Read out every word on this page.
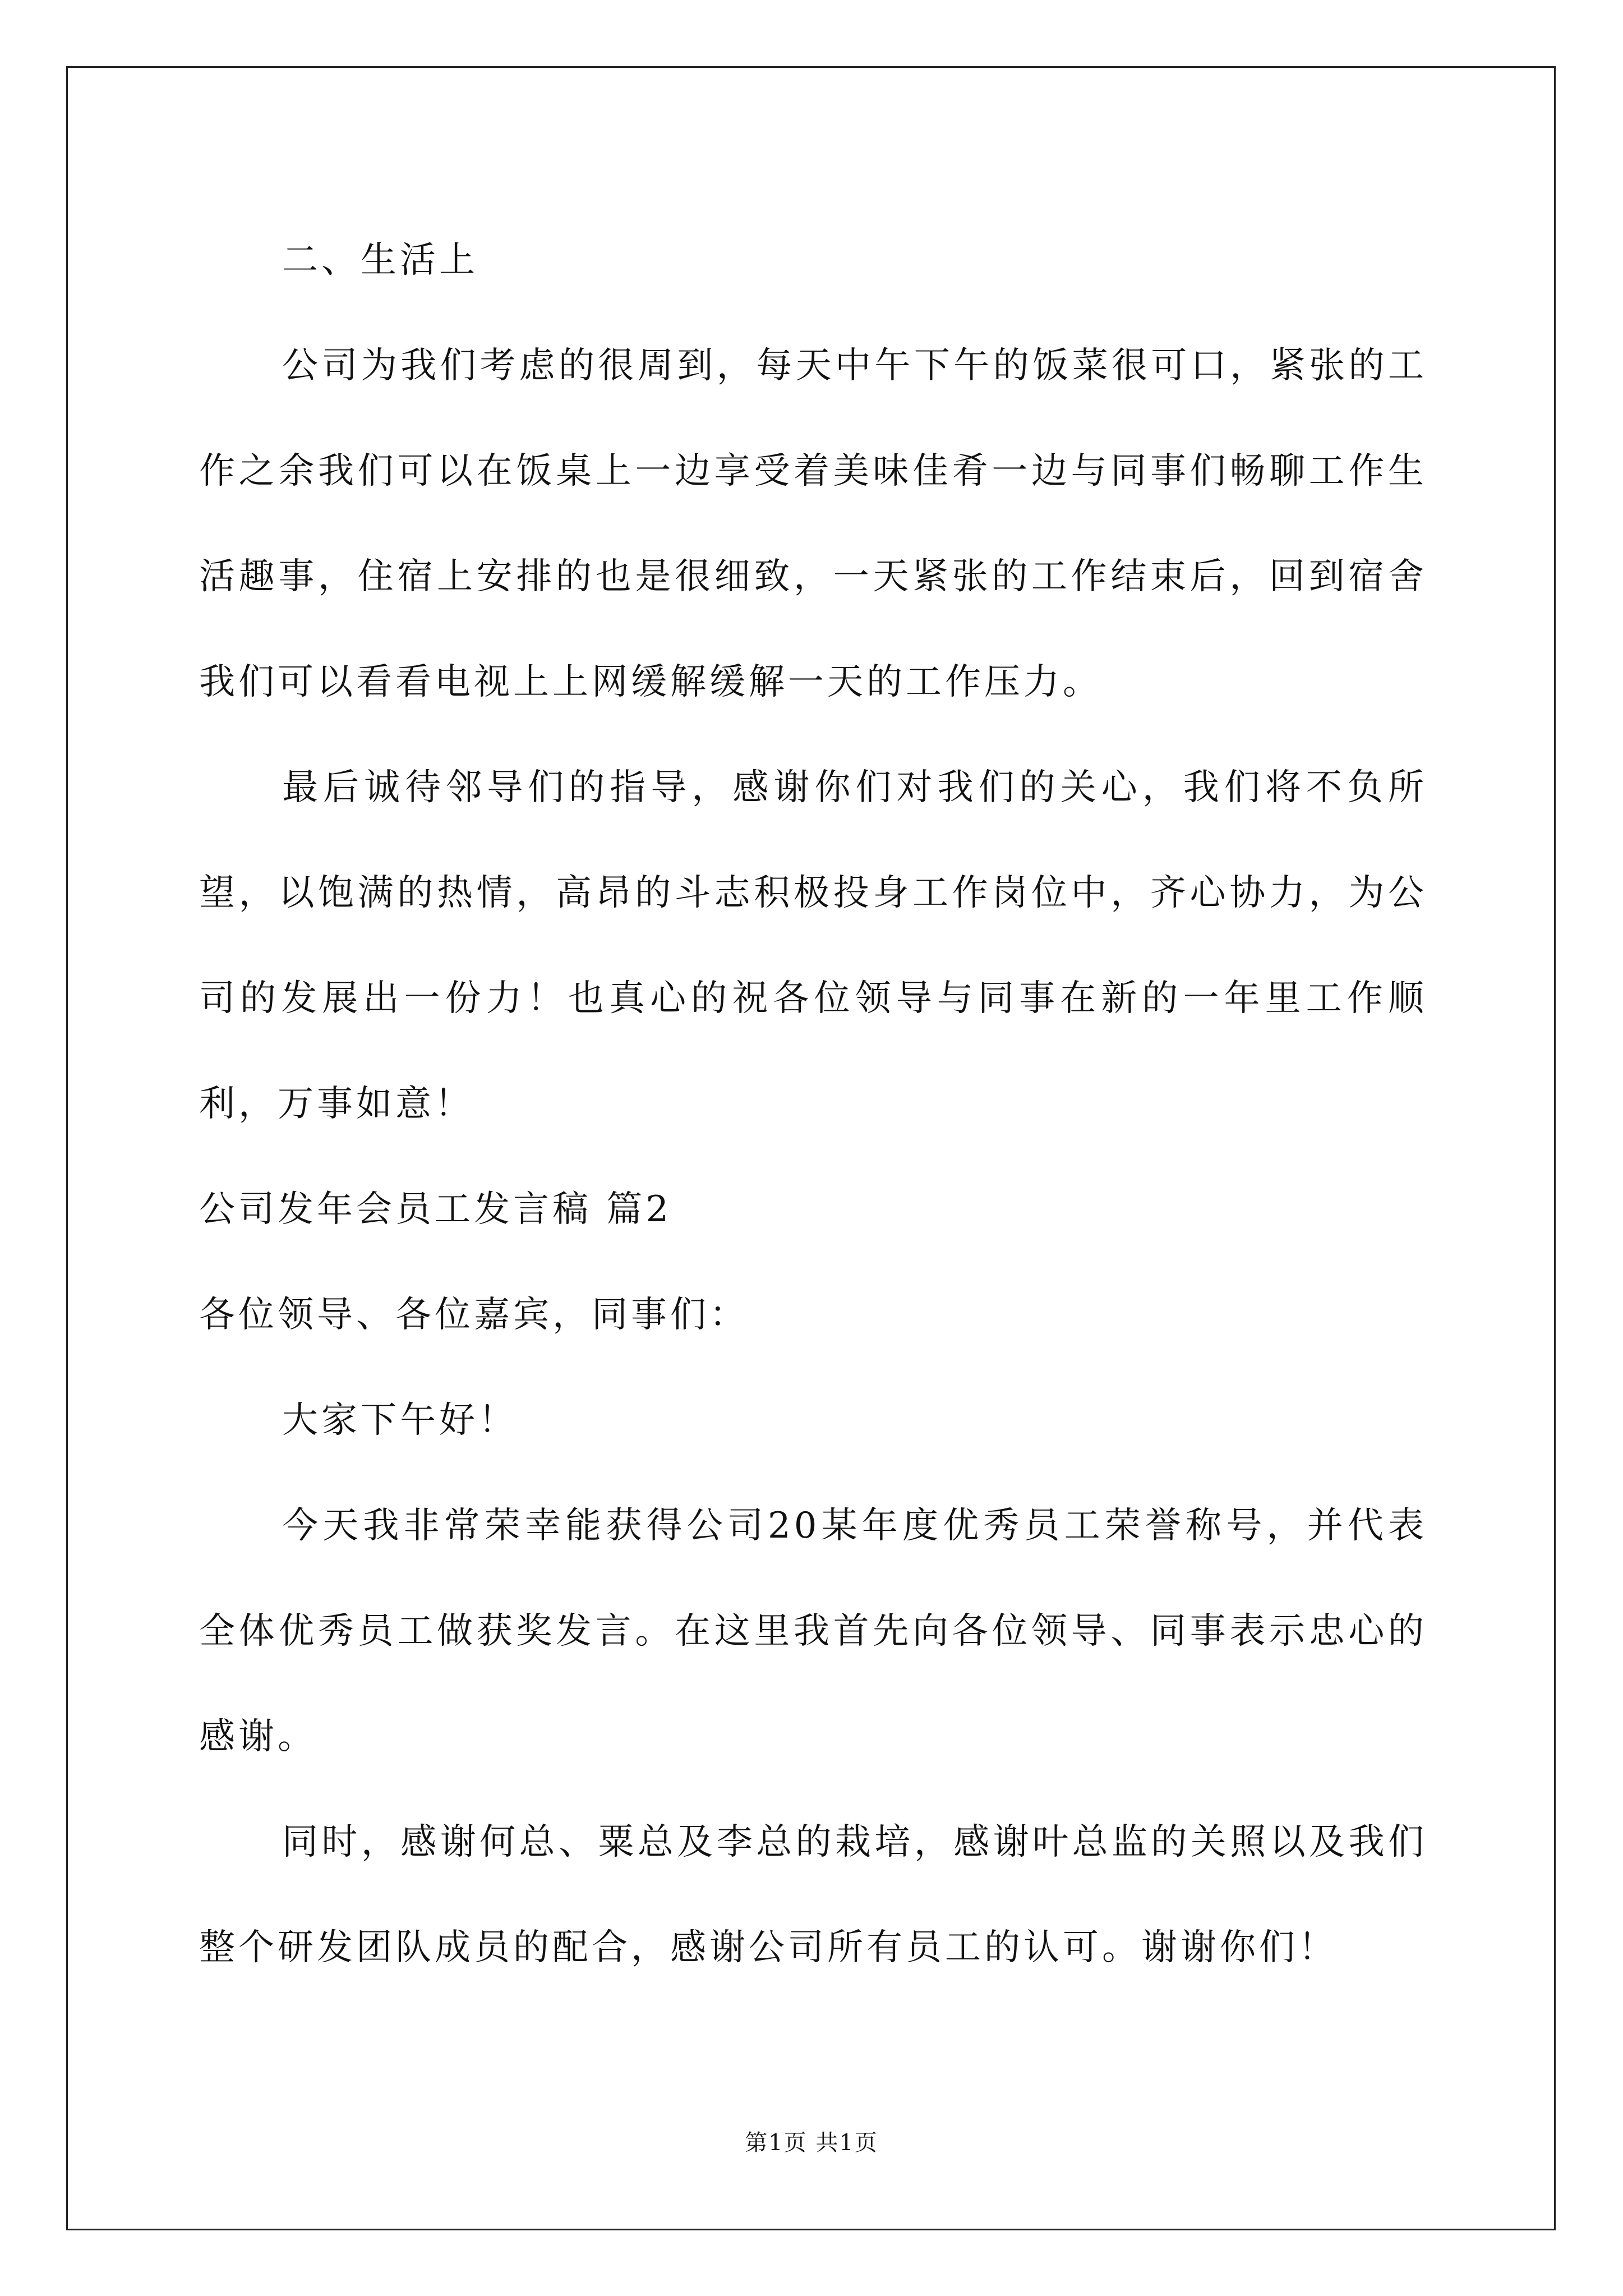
二、生活上

公司为我们考虑的很周到，每天中午下午的饭菜很可口，紧张的工作之余我们可以在饭桌上一边享受着美味佳肴一边与同事们畅聊工作生活趣事，住宿上安排的也是很细致，一天紧张的工作结束后，回到宿舍我们可以看看电视上上网缓解缓解一天的工作压力。

最后诚待邻导们的指导，感谢你们对我们的关心，我们将不负所望，以饱满的热情，高昂的斗志积极投身工作岗位中，齐心协力，为公司的发展出一份力！也真心的祝各位领导与同事在新的一年里工作顺利，万事如意！

公司发年会员工发言稿 篇2

各位领导、各位嘉宾，同事们：

大家下午好！

今天我非常荣幸能获得公司20某年度优秀员工荣誉称号，并代表全体优秀员工做获奖发言。在这里我首先向各位领导、同事表示忠心的感谢。

同时，感谢何总、粟总及李总的栽培，感谢叶总监的关照以及我们整个研发团队成员的配合，感谢公司所有员工的认可。谢谢你们！

第1页 共1页
